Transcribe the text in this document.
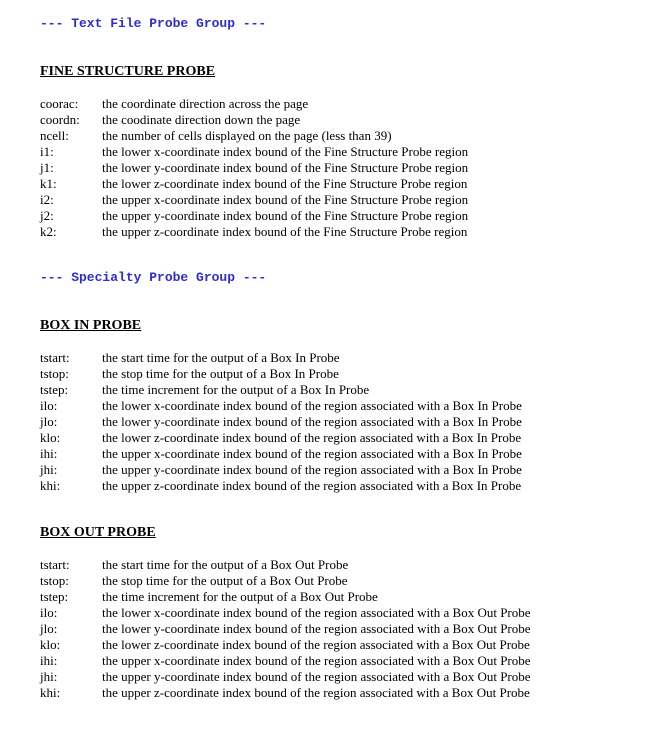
--- Text File Probe Group ---
FINE STRUCTURE PROBE
coorac:	the coordinate direction across the page
coordn:	the coodinate direction down the page
ncell:	the number of cells displayed on the page (less than 39)
i1:	the lower x-coordinate index bound of the Fine Structure Probe region
j1:	the lower y-coordinate index bound of the Fine Structure Probe region
k1:	the lower z-coordinate index bound of the Fine Structure Probe region
i2:	the upper x-coordinate index bound of the Fine Structure Probe region
j2:	the upper y-coordinate index bound of the Fine Structure Probe region
k2:	the upper z-coordinate index bound of the Fine Structure Probe region
--- Specialty Probe Group ---
BOX IN PROBE
tstart:	the start time for the output of a Box In Probe
tstop:	the stop time for the output of a Box In Probe
tstep:	the time increment for the output of a Box In Probe
ilo:	the lower x-coordinate index bound of the region associated with a Box In Probe
jlo:	the lower y-coordinate index bound of the region associated with a Box In Probe
klo:	the lower z-coordinate index bound of the region associated with a Box In Probe
ihi:	the upper x-coordinate index bound of the region associated with a Box In Probe
jhi:	the upper y-coordinate index bound of the region associated with a Box In Probe
khi:	the upper z-coordinate index bound of the region associated with a Box In Probe
BOX OUT PROBE
tstart:	the start time for the output of a Box Out Probe
tstop:	the stop time for the output of a Box Out Probe
tstep:	the time increment for the output of a Box Out Probe
ilo:	the lower x-coordinate index bound of the region associated with a Box Out Probe
jlo:	the lower y-coordinate index bound of the region associated with a Box Out Probe
klo:	the lower z-coordinate index bound of the region associated with a Box Out Probe
ihi:	the upper x-coordinate index bound of the region associated with a Box Out Probe
jhi:	the upper y-coordinate index bound of the region associated with a Box Out Probe
khi:	the upper z-coordinate index bound of the region associated with a Box Out Probe
